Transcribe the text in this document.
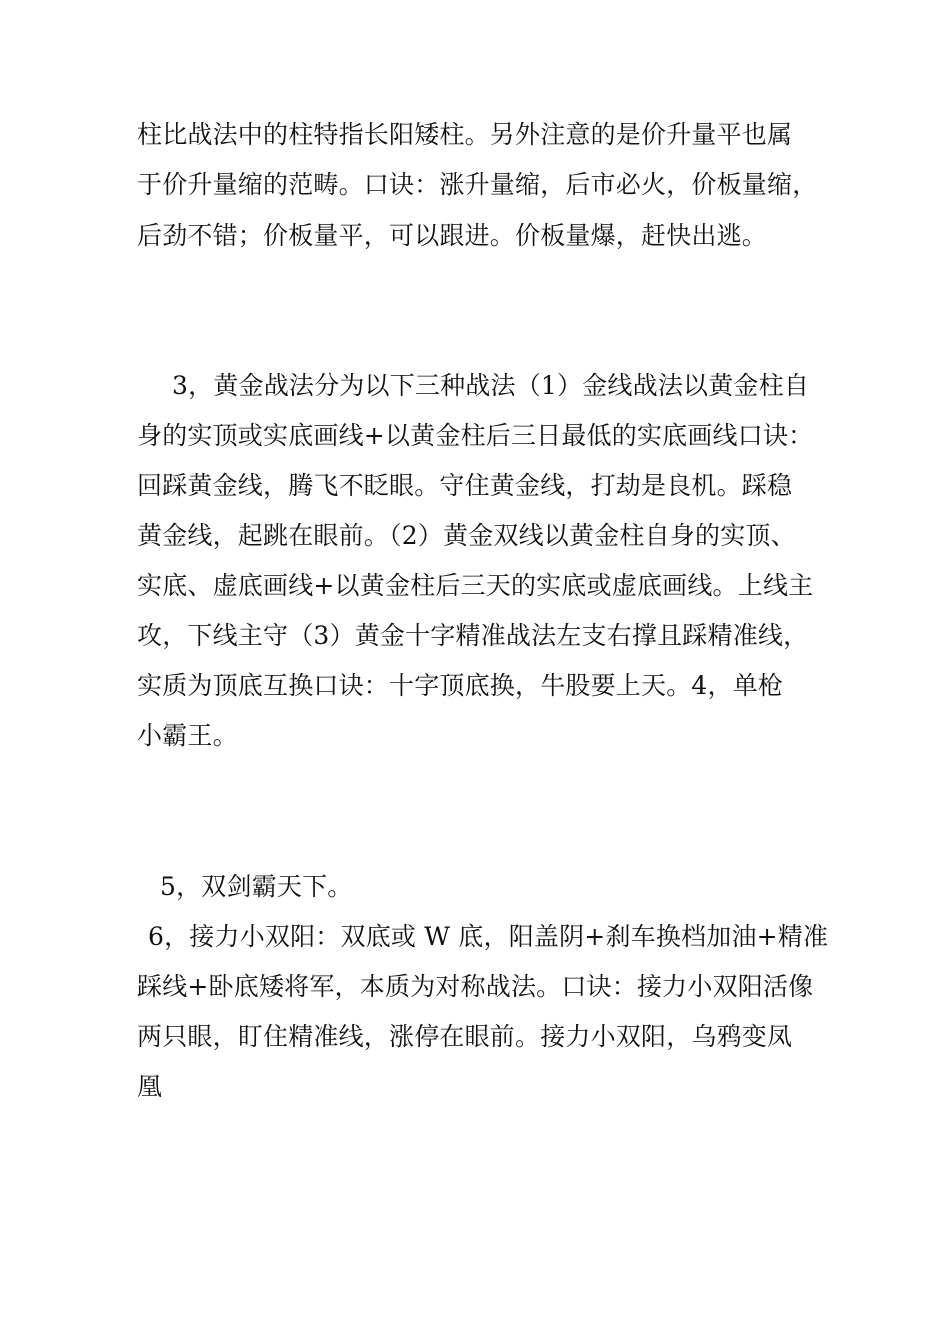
柱比战法中的柱特指长阳矮柱。另外注意的是价升量平也属
于价升量缩的范畴。口诀：涨升量缩，后市必火，价板量缩，
后劲不错；价板量平，可以跟进。价板量爆，赶快出逃。
3，黄金战法分为以下三种战法（1）金线战法以黄金柱自
身的实顶或实底画线+以黄金柱后三日最低的实底画线口诀：
回踩黄金线，腾飞不眨眼。守住黄金线，打劫是良机。踩稳
黄金线，起跳在眼前。（2）黄金双线以黄金柱自身的实顶、
实底、虚底画线+以黄金柱后三天的实底或虚底画线。上线主
攻，下线主守（3）黄金十字精准战法左支右撑且踩精准线，
实质为顶底互换口诀：十字顶底换，牛股要上天。4，单枪
小霸王。
5，双剑霸天下。
6，接力小双阳：双底或 W 底，阳盖阴+刹车换档加油+精准
踩线+卧底矮将军，本质为对称战法。口诀：接力小双阳活像
两只眼，盯住精准线，涨停在眼前。接力小双阳，乌鸦变凤
凰
